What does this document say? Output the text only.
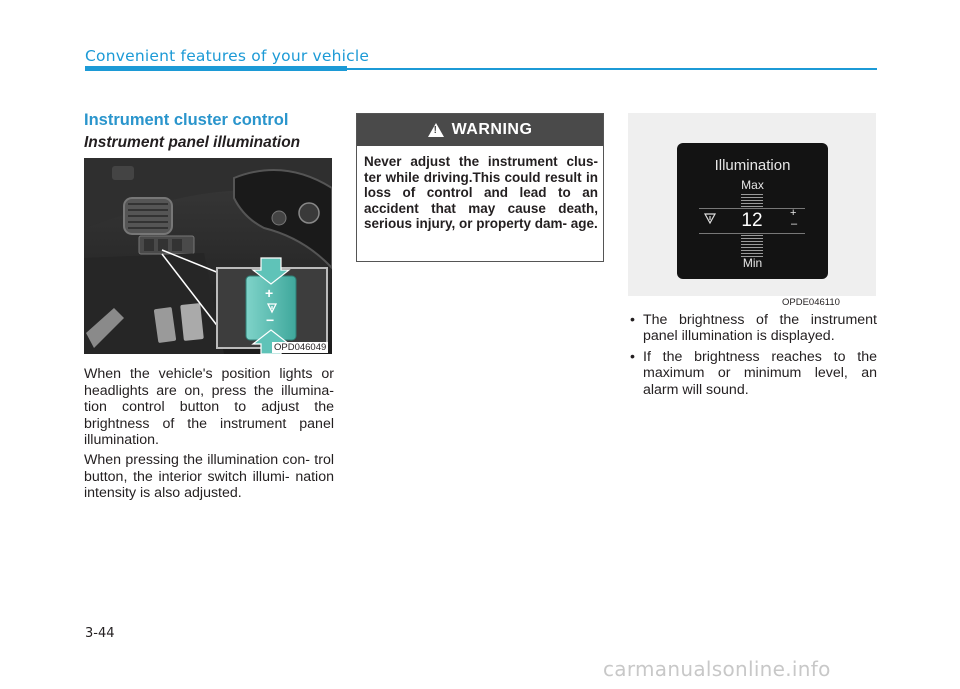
Convenient features of your vehicle
Instrument cluster control
Instrument panel illumination
+
−
OPD046049
When the vehicle's position lights or headlights are on, press the illumina- tion control button to adjust the brightness of the instrument panel illumination.
When pressing the illumination con- trol button, the interior switch illumi- nation intensity is also adjusted.
! WARNING
Never adjust the instrument clus- ter while driving.This could result in loss of control and lead to an accident that may cause death, serious injury, or property dam- age.
Illumination
Max
12	+
–
Min
OPDE046110
• The brightness of the instrument panel illumination is displayed.
• If the brightness reaches to the maximum or minimum level, an alarm will sound.
3-44
carmanualsonline.info
